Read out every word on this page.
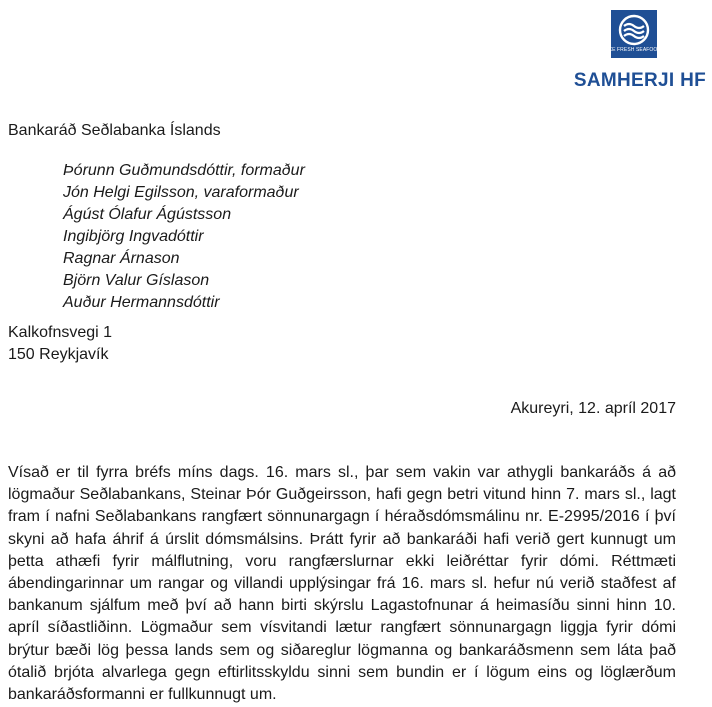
ICE FRESH SEAFOOD
SAMHERJI HF
Bankaráð Seðlabanka Íslands
Þórunn Guðmundsdóttir, formaður
Jón Helgi Egilsson, varaformaður
Ágúst Ólafur Ágústsson
Ingibjörg Ingvadóttir
Ragnar Árnason
Björn Valur Gíslason
Auður Hermannsdóttir
Kalkofnsvegi 1
150 Reykjavík
Akureyri, 12. apríl 2017
Vísað er til fyrra bréfs míns dags. 16. mars sl., þar sem vakin var athygli bankaráðs á að lögmaður Seðlabankans, Steinar Þór Guðgeirsson, hafi gegn betri vitund hinn 7. mars sl., lagt fram í nafni Seðlabankans rangfært sönnunargagn í héraðsdómsmálinu nr. E-2995/2016 í því skyni að hafa áhrif á úrslit dómsmálsins. Þrátt fyrir að bankaráði hafi verið gert kunnugt um þetta athæfi fyrir málflutning, voru rangfærslurnar ekki leiðréttar fyrir dómi. Réttmæti ábendingarinnar um rangar og villandi upplýsingar frá 16. mars sl. hefur nú verið staðfest af bankanum sjálfum með því að hann birti skýrslu Lagastofnunar á heimasíðu sinni hinn 10. apríl síðastliðinn. Lögmaður sem vísvitandi lætur rangfært sönnunargagn liggja fyrir dómi brýtur bæði lög þessa lands sem og siðareglur lögmanna og bankaráðsmenn sem láta það ótalið brjóta alvarlega gegn eftirlitsskyldu sinni sem bundin er í lögum eins og löglærðum bankaráðsformanni er fullkunnugt um.
